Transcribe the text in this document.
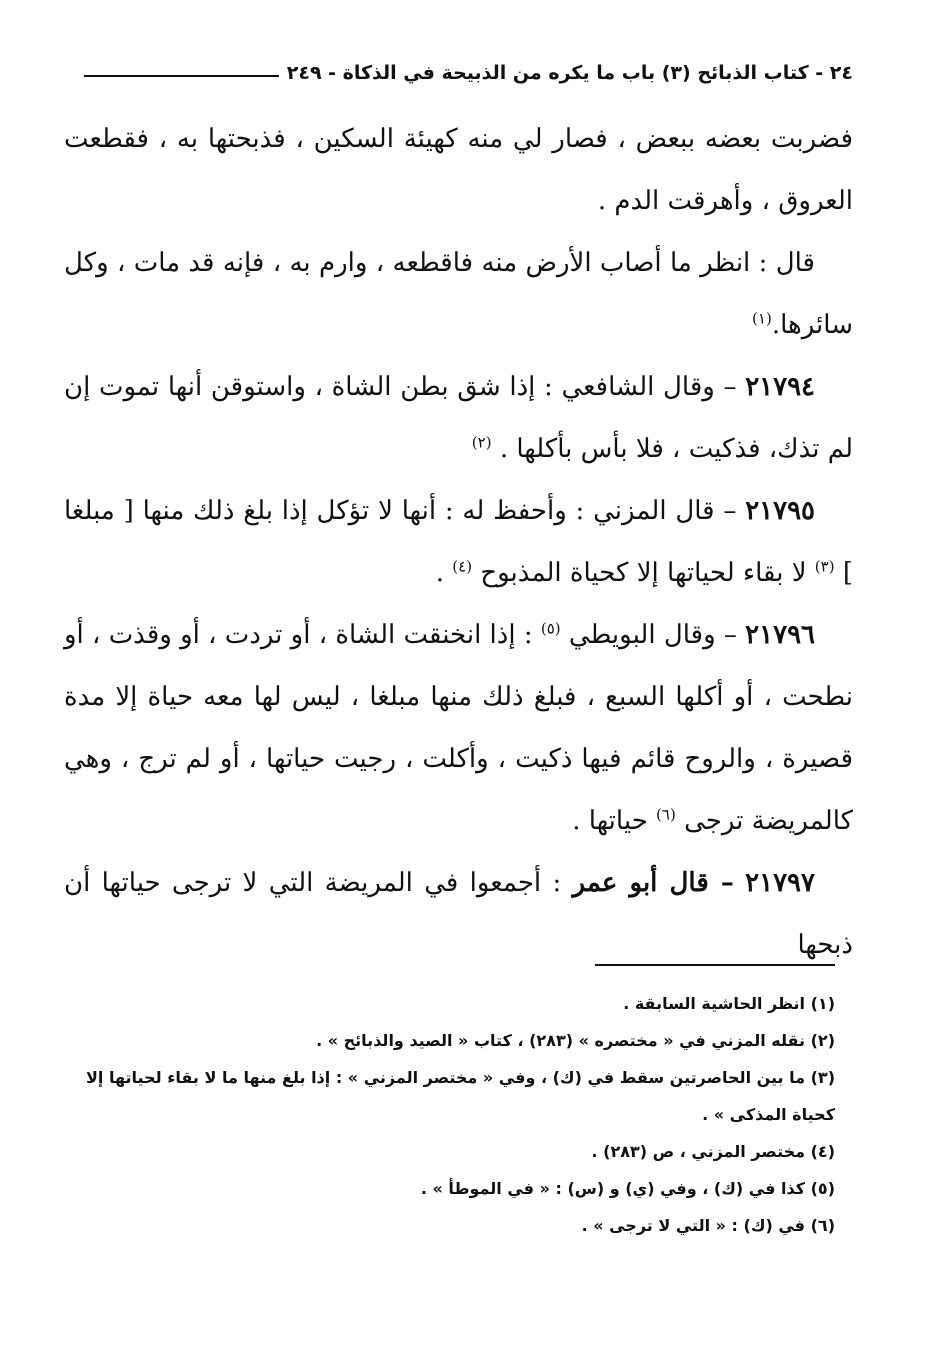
٢٤ - كتاب الذبائح (٣) باب ما يكره من الذبيحة في الذكاة - ٢٤٩

فضربت بعضه ببعض ، فصار لي منه كهيئة السكين ، فذبحتها به ، فقطعت العروق ، وأهرقت الدم .

قال : انظر ما أصاب الأرض منه فاقطعه ، وارم به ، فإنه قد مات ، وكل سائرها.$^{(١)}$

٢١٧٩٤ – وقال الشافعي : إذا شق بطن الشاة ، واستوقن أنها تموت إن لم تذك، فذكيت ، فلا بأس بأكلها . $^{(٢)}$

٢١٧٩٥ – قال المزني : وأحفظ له : أنها لا تؤكل إذا بلغ ذلك منها [ مبلغا ] $^{(٣)}$ لا بقاء لحياتها إلا كحياة المذبوح $^{(٤)}$ .

٢١٧٩٦ – وقال البويطي $^{(٥)}$ : إذا انخنقت الشاة ، أو تردت ، أو وقذت ، أو نطحت ، أو أكلها السبع ، فبلغ ذلك منها مبلغا ، ليس لها معه حياة إلا مدة قصيرة ، والروح قائم فيها ذكيت ، وأكلت ، رجيت حياتها ، أو لم ترج ، وهي كالمريضة ترجى $^{(٦)}$ حياتها .

٢١٧٩٧ – قال أبو عمر : أجمعوا في المريضة التي لا ترجى حياتها أن ذبحها

(١) انظر الحاشية السابقة .

(٢) نقله المزني في « مختصره » (٢٨٣) ، كتاب « الصيد والذبائح » .

(٣) ما بين الحاصرتين سقط في (ك) ، وفي « مختصر المزني » : إذا بلغ منها ما لا بقاء لحياتها إلا كحياة المذكى » .

(٤) مختصر المزني ، ص (٢٨٣) .

(٥) كذا في (ك) ، وفي (ي) و (س) : « في الموطأ » .

(٦) في (ك) : « التي لا ترجى » .
